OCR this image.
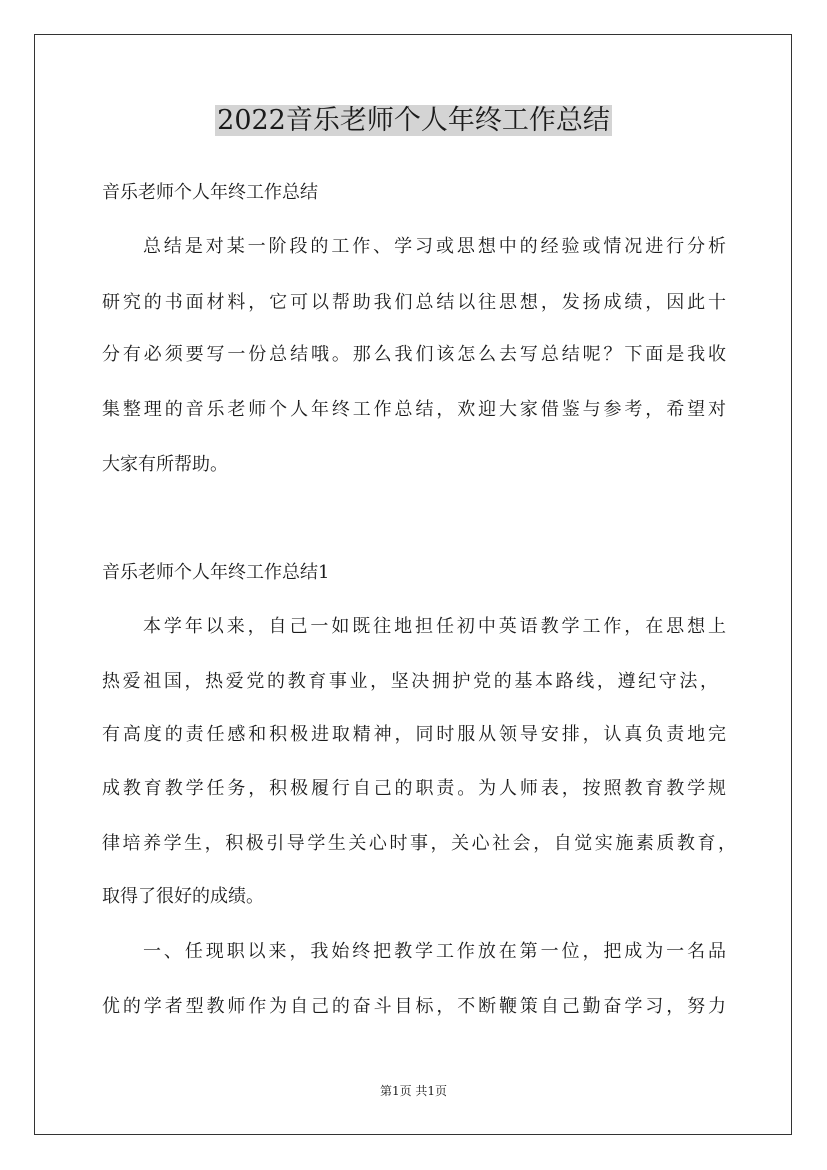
2022音乐老师个人年终工作总结
音乐老师个人年终工作总结
总结是对某一阶段的工作、学习或思想中的经验或情况进行分析
研究的书面材料，它可以帮助我们总结以往思想，发扬成绩，因此十
分有必须要写一份总结哦。那么我们该怎么去写总结呢？下面是我收
集整理的音乐老师个人年终工作总结，欢迎大家借鉴与参考，希望对
大家有所帮助。
音乐老师个人年终工作总结1
本学年以来，自己一如既往地担任初中英语教学工作，在思想上
热爱祖国，热爱党的教育事业，坚决拥护党的基本路线，遵纪守法，
有高度的责任感和积极进取精神，同时服从领导安排，认真负责地完
成教育教学任务，积极履行自己的职责。为人师表，按照教育教学规
律培养学生，积极引导学生关心时事，关心社会，自觉实施素质教育，
取得了很好的成绩。
一、任现职以来，我始终把教学工作放在第一位，把成为一名品
优的学者型教师作为自己的奋斗目标，不断鞭策自己勤奋学习，努力
第1页 共1页
